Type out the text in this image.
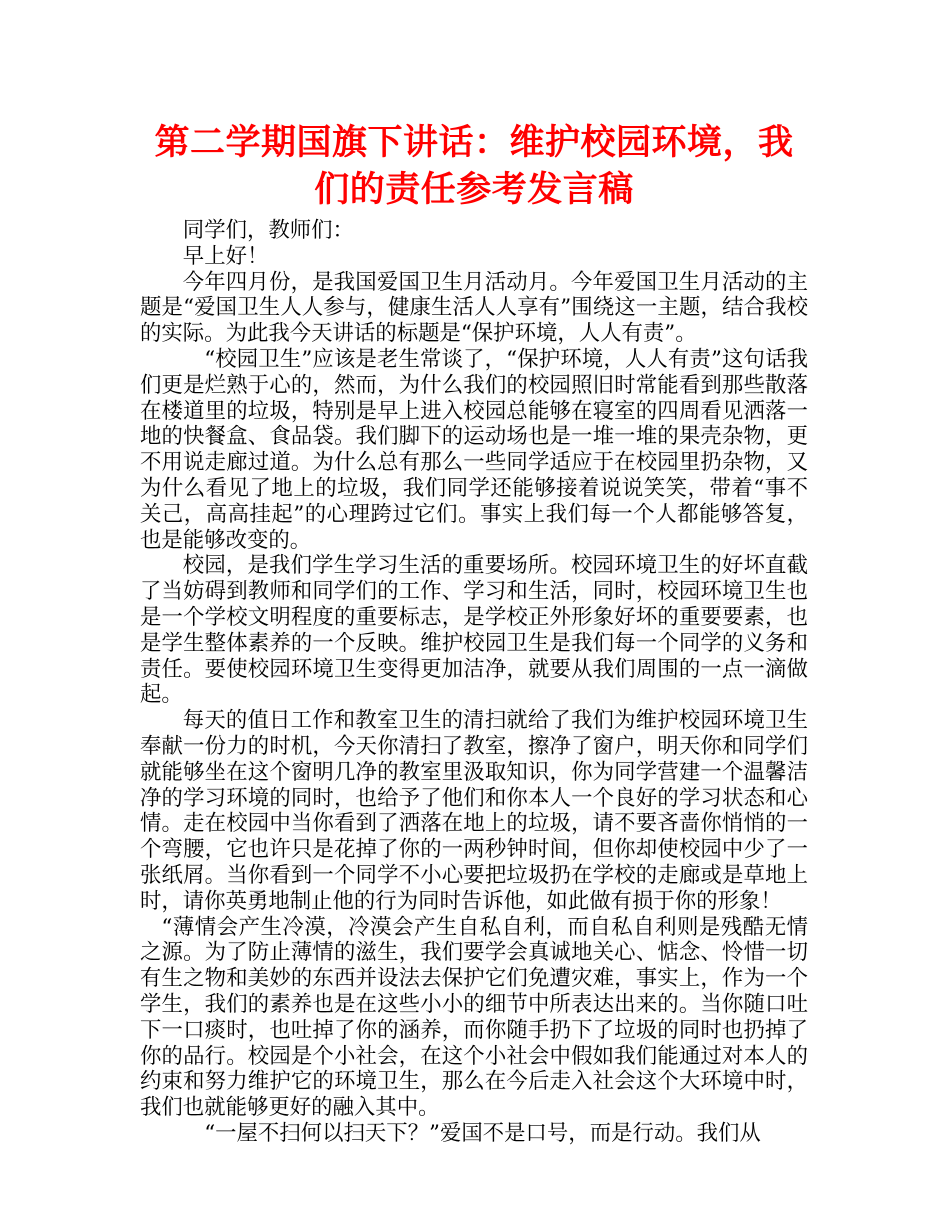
第二学期国旗下讲话：维护校园环境，我们的责任参考发言稿

同学们，教师们：

早上好！

今年四月份，是我国爱国卫生月活动月。今年爱国卫生月活动的主题是“爱国卫生人人参与，健康生活人人享有”围绕这一主题，结合我校的实际。为此我今天讲话的标题是“保护环境，人人有责”。

“校园卫生”应该是老生常谈了，“保护环境，人人有责”这句话我们更是烂熟于心的，然而，为什么我们的校园照旧时常能看到那些散落在楼道里的垃圾，特别是早上进入校园总能够在寝室的四周看见洒落一地的快餐盒、食品袋。我们脚下的运动场也是一堆一堆的果壳杂物，更不用说走廊过道。为什么总有那么一些同学适应于在校园里扔杂物，又为什么看见了地上的垃圾，我们同学还能够接着说说笑笑，带着“事不关己，高高挂起”的心理跨过它们。事实上我们每一个人都能够答复，也是能够改变的。

校园，是我们学生学习生活的重要场所。校园环境卫生的好坏直截了当妨碍到教师和同学们的工作、学习和生活，同时，校园环境卫生也是一个学校文明程度的重要标志，是学校正外形象好坏的重要要素，也是学生整体素养的一个反映。维护校园卫生是我们每一个同学的义务和责任。要使校园环境卫生变得更加洁净，就要从我们周围的一点一滴做起。

每天的值日工作和教室卫生的清扫就给了我们为维护校园环境卫生奉献一份力的时机，今天你清扫了教室，擦净了窗户，明天你和同学们就能够坐在这个窗明几净的教室里汲取知识，你为同学营建一个温馨洁净的学习环境的同时，也给予了他们和你本人一个良好的学习状态和心情。走在校园中当你看到了洒落在地上的垃圾，请不要吝啬你悄悄的一个弯腰，它也许只是花掉了你的一两秒钟时间，但你却使校园中少了一张纸屑。当你看到一个同学不小心要把垃圾扔在学校的走廊或是草地上时，请你英勇地制止他的行为同时告诉他，如此做有损于你的形象！

“薄情会产生冷漠，冷漠会产生自私自利，而自私自利则是残酷无情之源。为了防止薄情的滋生，我们要学会真诚地关心、惦念、怜惜一切有生之物和美妙的东西并设法去保护它们免遭灾难，事实上，作为一个学生，我们的素养也是在这些小小的细节中所表达出来的。当你随口吐下一口痰时，也吐掉了你的涵养，而你随手扔下了垃圾的同时也扔掉了你的品行。校园是个小社会，在这个小社会中假如我们能通过对本人的约束和努力维护它的环境卫生，那么在今后走入社会这个大环境中时，我们也就能够更好的融入其中。

“一屋不扫何以扫天下？”爱国不是口号，而是行动。我们从
